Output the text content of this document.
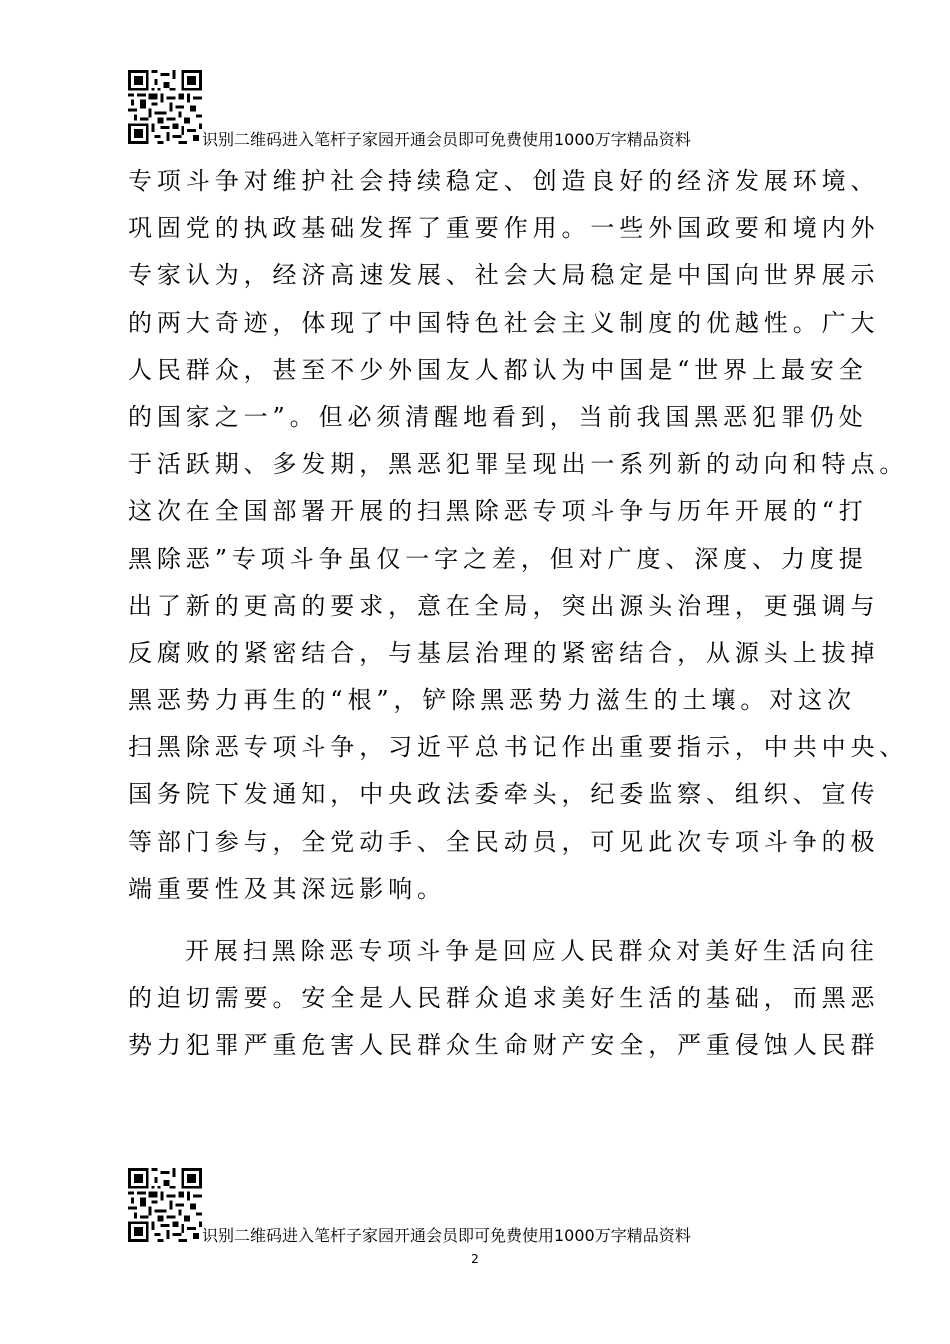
识别二维码进入笔杆子家园开通会员即可免费使用1000万字精品资料
专项斗争对维护社会持续稳定、创造良好的经济发展环境、
巩固党的执政基础发挥了重要作用。一些外国政要和境内外
专家认为，经济高速发展、社会大局稳定是中国向世界展示
的两大奇迹，体现了中国特色社会主义制度的优越性。广大
人民群众，甚至不少外国友人都认为中国是“世界上最安全
的国家之一”。但必须清醒地看到，当前我国黑恶犯罪仍处
于活跃期、多发期，黑恶犯罪呈现出一系列新的动向和特点。
这次在全国部署开展的扫黑除恶专项斗争与历年开展的“打
黑除恶”专项斗争虽仅一字之差，但对广度、深度、力度提
出了新的更高的要求，意在全局，突出源头治理，更强调与
反腐败的紧密结合，与基层治理的紧密结合，从源头上拔掉
黑恶势力再生的“根”，铲除黑恶势力滋生的土壤。对这次
扫黑除恶专项斗争，习近平总书记作出重要指示，中共中央、
国务院下发通知，中央政法委牵头，纪委监察、组织、宣传
等部门参与，全党动手、全民动员，可见此次专项斗争的极
端重要性及其深远影响。
开展扫黑除恶专项斗争是回应人民群众对美好生活向往
的迫切需要。安全是人民群众追求美好生活的基础，而黑恶
势力犯罪严重危害人民群众生命财产安全，严重侵蚀人民群
识别二维码进入笔杆子家园开通会员即可免费使用1000万字精品资料
2
